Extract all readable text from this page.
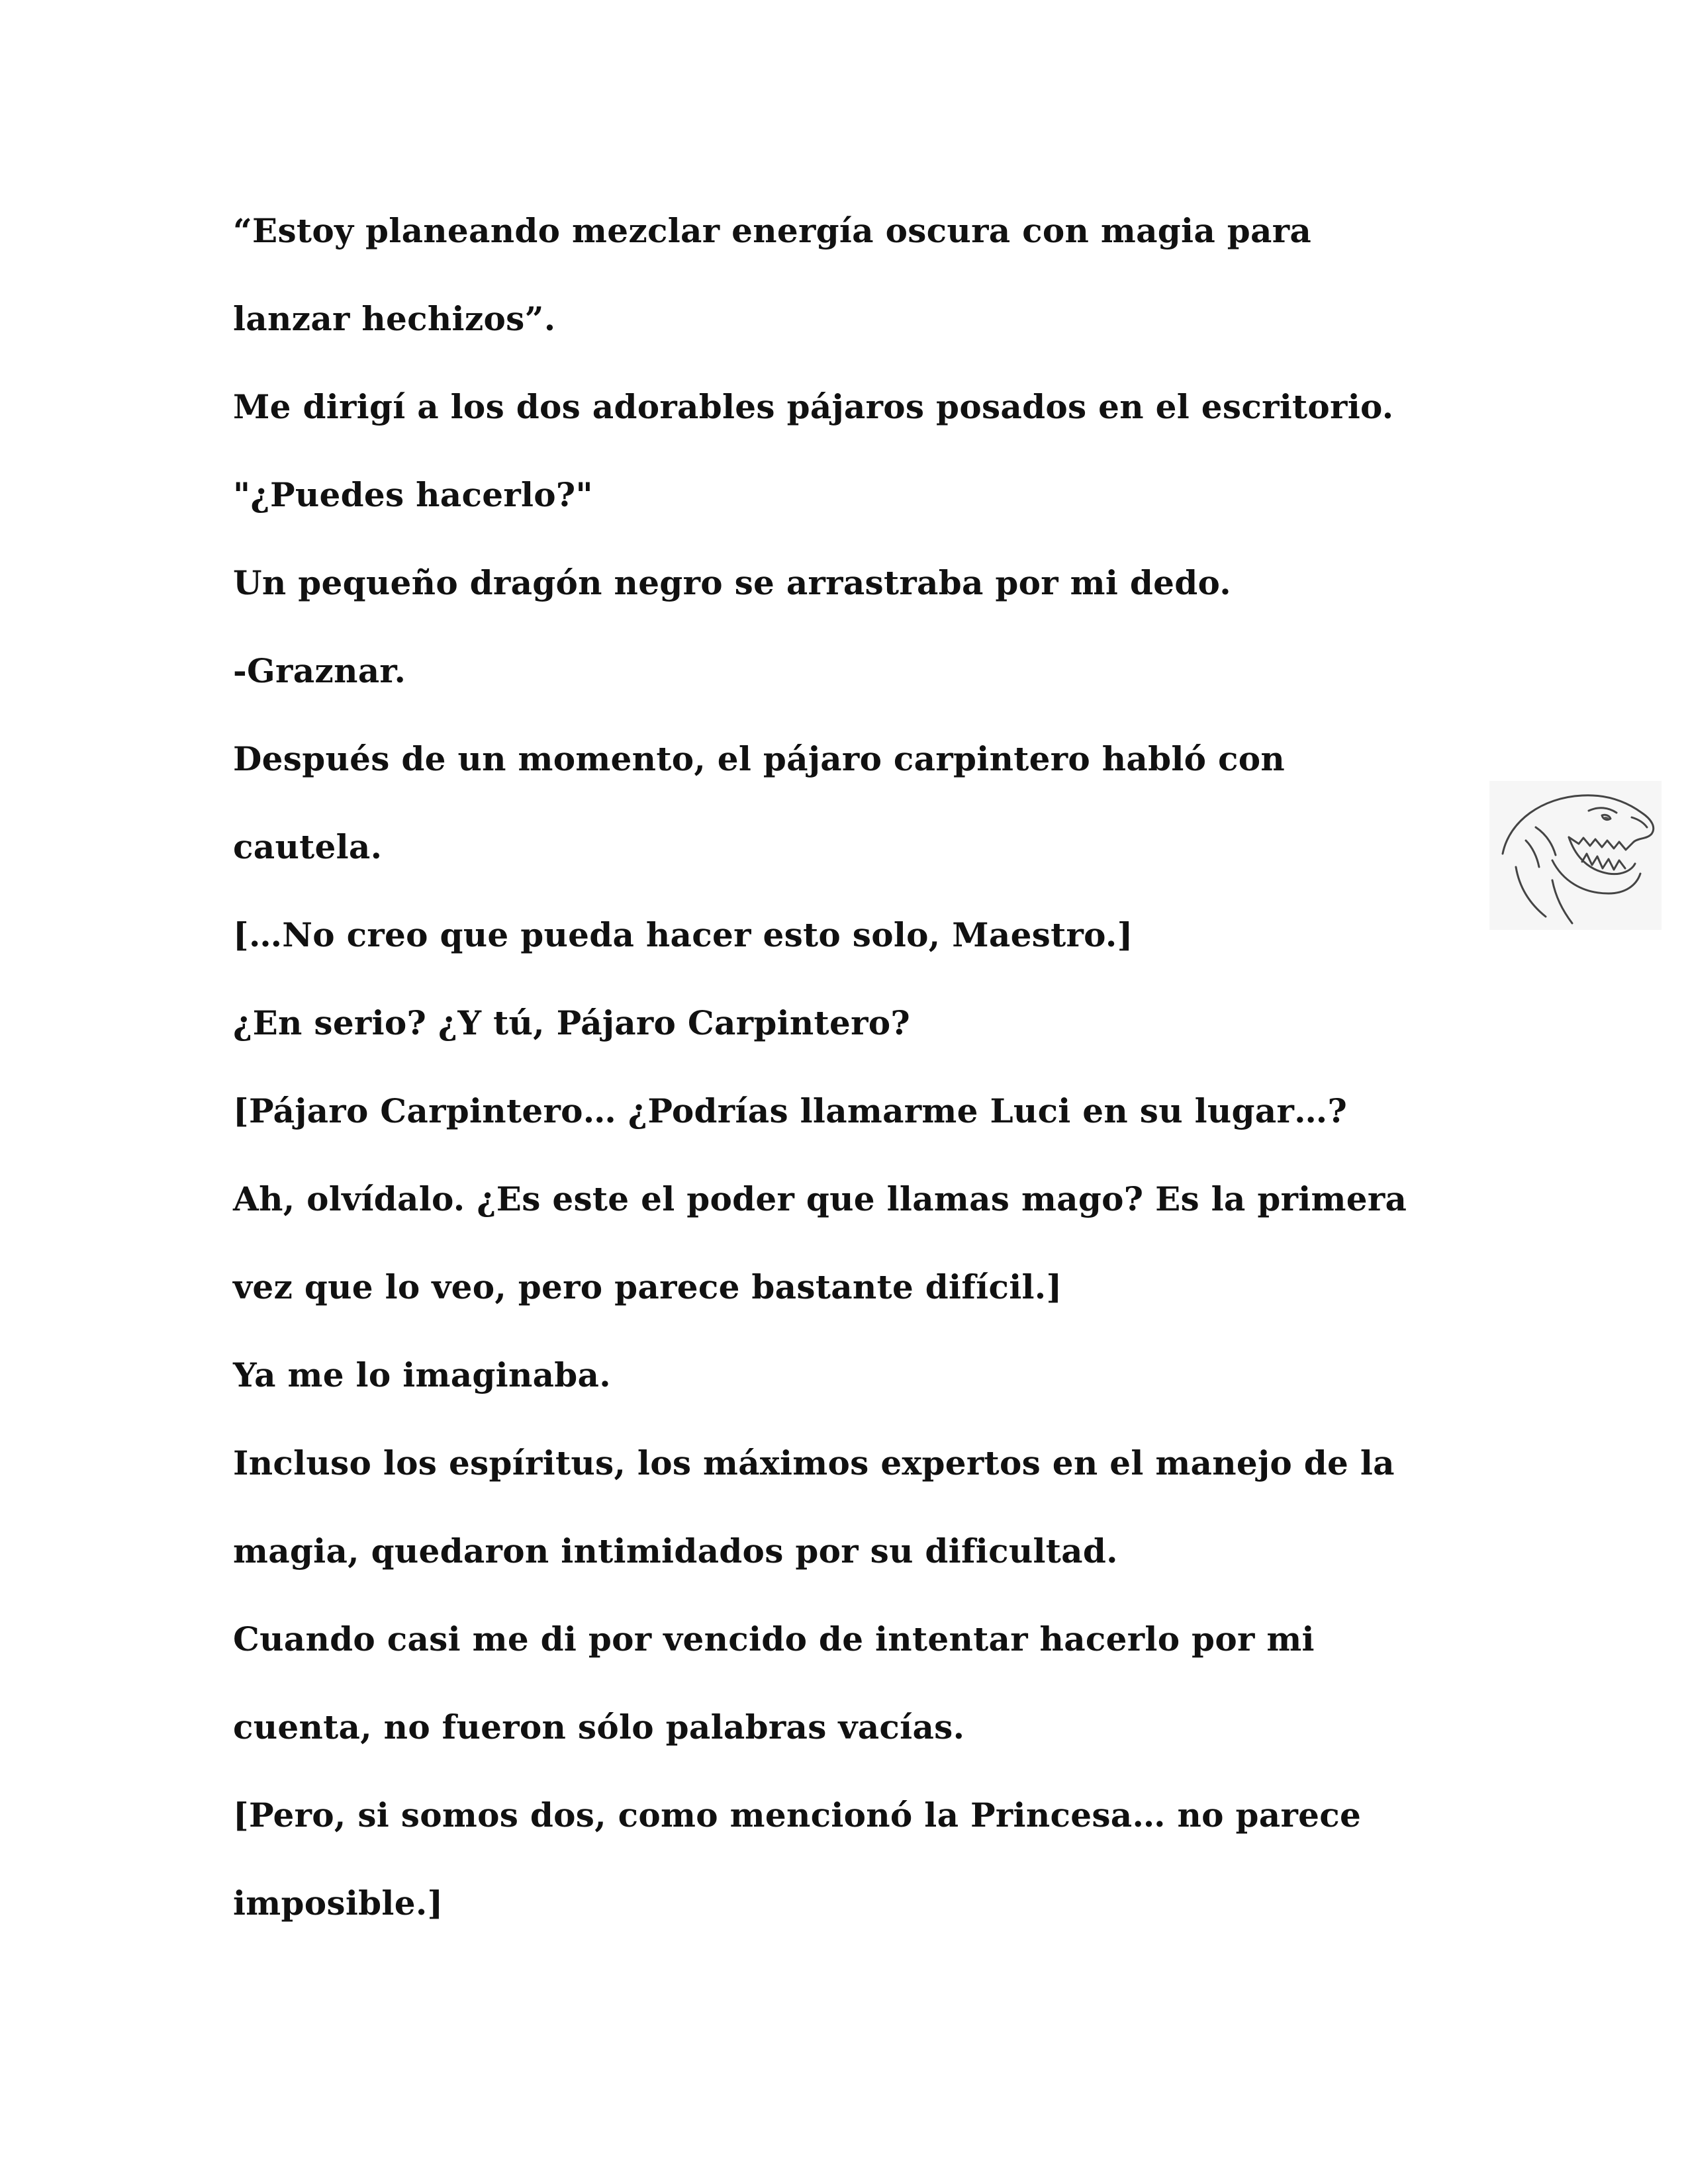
“Estoy planeando mezclar energía oscura con magia para
lanzar hechizos”.
Me dirigí a los dos adorables pájaros posados en el escritorio.
"¿Puedes hacerlo?"
Un pequeño dragón negro se arrastraba por mi dedo.
-Graznar.
Después de un momento, el pájaro carpintero habló con
cautela.
[…No creo que pueda hacer esto solo, Maestro.]
¿En serio? ¿Y tú, Pájaro Carpintero?
[Pájaro Carpintero… ¿Podrías llamarme Luci en su lugar…?
Ah, olvídalo. ¿Es este el poder que llamas mago? Es la primera
vez que lo veo, pero parece bastante difícil.]
Ya me lo imaginaba.
Incluso los espíritus, los máximos expertos en el manejo de la
magia, quedaron intimidados por su dificultad.
Cuando casi me di por vencido de intentar hacerlo por mi
cuenta, no fueron sólo palabras vacías.
[Pero, si somos dos, como mencionó la Princesa… no parece
imposible.]
